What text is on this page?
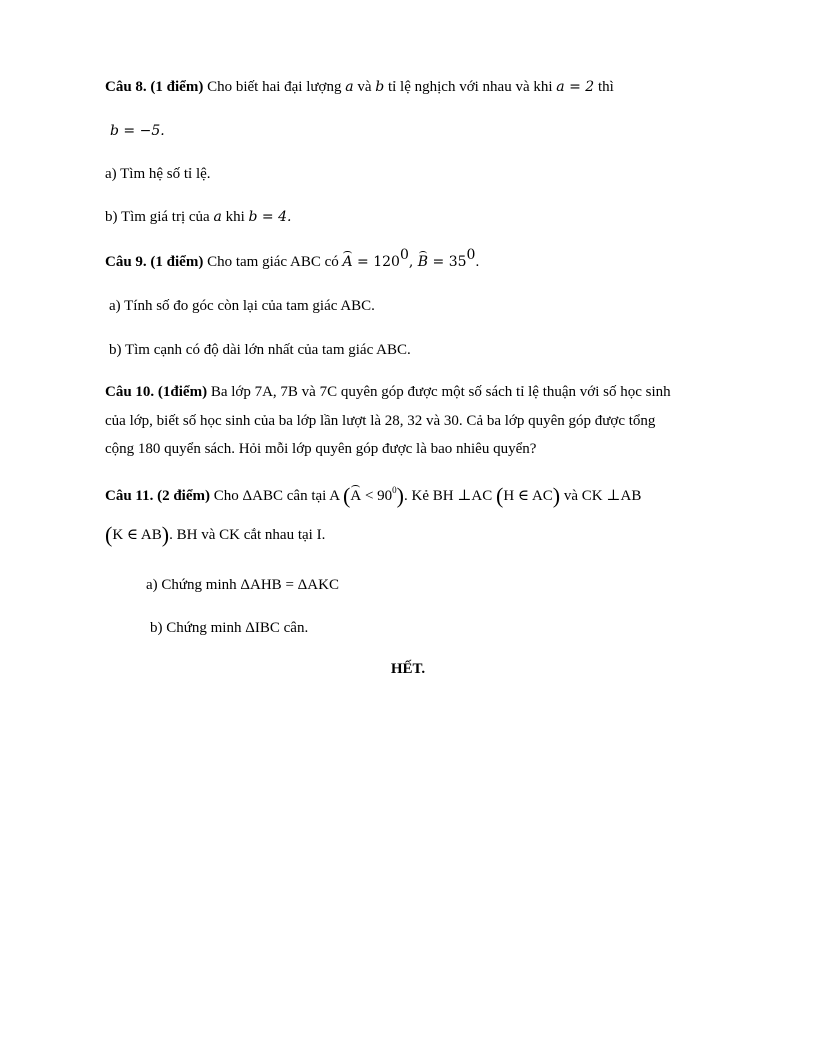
Câu 8. (1 điểm) Cho biết hai đại lượng a và b tỉ lệ nghịch với nhau và khi a = 2 thì
b = −5.
a) Tìm hệ số tỉ lệ.
b) Tìm giá trị của a khi b = 4.
Câu 9. (1 điểm) Cho tam giác ABC có $A = 120^0$, $B = 35^0$.
a) Tính số đo góc còn lại của tam giác ABC.
b) Tìm cạnh có độ dài lớn nhất của tam giác ABC.
Câu 10. (1điểm) Ba lớp 7A, 7B và 7C quyên góp được một số sách tỉ lệ thuận với số học sinh
của lớp, biết số học sinh của ba lớp lần lượt là 28, 32 và 30. Cả ba lớp quyên góp được tổng
cộng 180 quyển sách. Hỏi mỗi lớp quyên góp được là bao nhiêu quyển?
Câu 11. (2 điểm) Cho ΔABC cân tại A $(A < 90^0)$. Kẻ BH ⊥AC (H ∈ AC) và CK ⊥AB
(K ∈ AB). BH và CK cắt nhau tại I.
a) Chứng minh ΔAHB = ΔAKC
b) Chứng minh ΔIBC cân.
HẾT.
